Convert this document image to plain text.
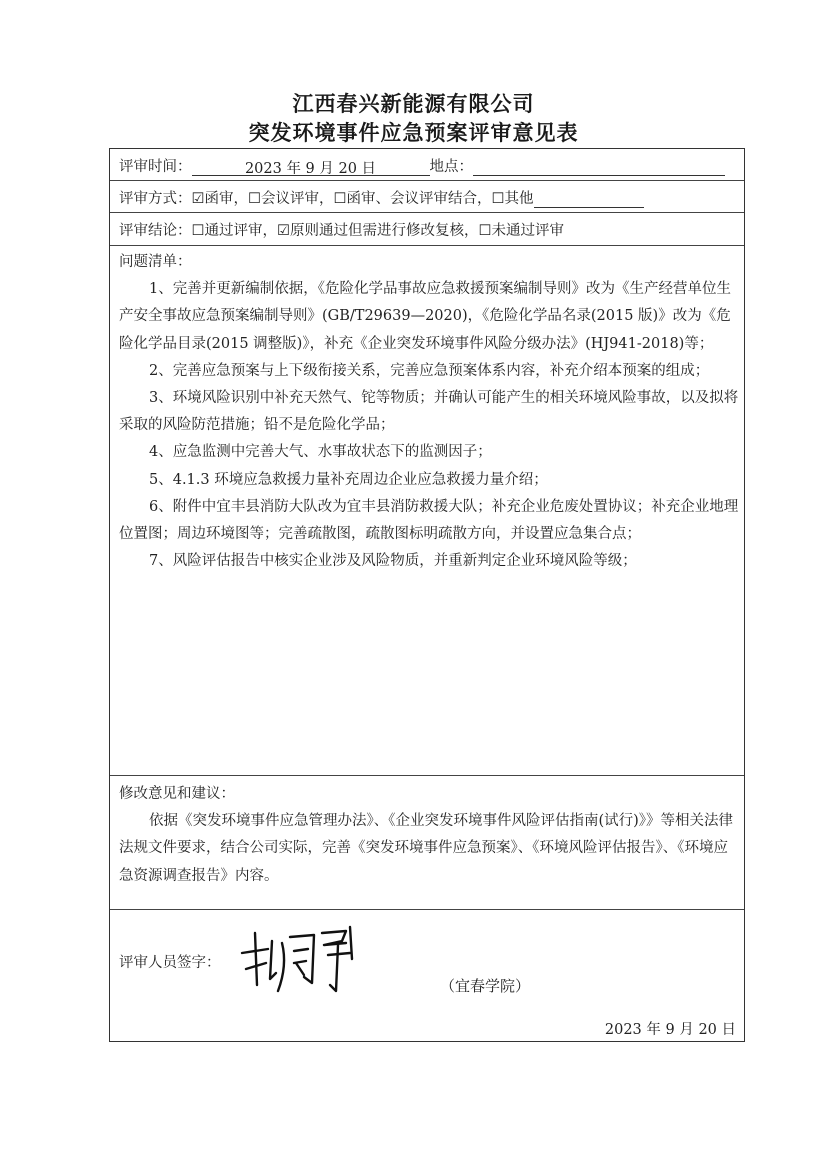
江西春兴新能源有限公司
突发环境事件应急预案评审意见表
评审时间：	2023 年 9 月 20 日	地点：
评审方式：☑函审，☐会议评审，☐函审、会议评审结合，☐其他
评审结论：☐通过评审，☑原则通过但需进行修改复核，☐未通过评审

问题清单：

1、完善并更新编制依据，《危险化学品事故应急救援预案编制导则》改为《生产经营单位生产安全事故应急预案编制导则》(GB/T29639—2020)，《危险化学品名录(2015 版)》改为《危险化学品目录(2015 调整版)》，补充《企业突发环境事件风险分级办法》(HJ941-2018)等；

2、完善应急预案与上下级衔接关系，完善应急预案体系内容，补充介绍本预案的组成；

3、环境风险识别中补充天然气、铊等物质；并确认可能产生的相关环境风险事故，以及拟将采取的风险防范措施；铅不是危险化学品；

4、应急监测中完善大气、水事故状态下的监测因子；

5、4.1.3 环境应急救援力量补充周边企业应急救援力量介绍；

6、附件中宜丰县消防大队改为宜丰县消防救援大队；补充企业危废处置协议；补充企业地理位置图；周边环境图等；完善疏散图，疏散图标明疏散方向，并设置应急集合点；

7、风险评估报告中核实企业涉及风险物质，并重新判定企业环境风险等级；

修改意见和建议：

依据《突发环境事件应急管理办法》、《企业突发环境事件风险评估指南(试行)》》等相关法律法规文件要求，结合公司实际，完善《突发环境事件应急预案》、《环境风险评估报告》、《环境应急资源调查报告》内容。

评审人员签字：
（宜春学院）
2023 年 9 月 20 日
